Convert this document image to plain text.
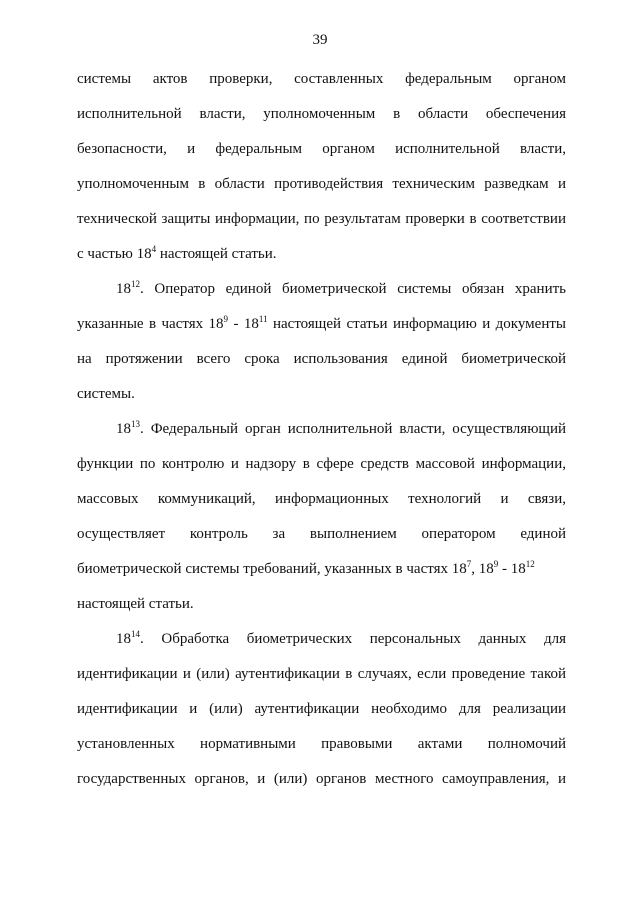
39
системы актов проверки, составленных федеральным органом
исполнительной власти, уполномоченным в области обеспечения
безопасности, и федеральным органом исполнительной власти,
уполномоченным в области противодействия техническим разведкам и
технической защиты информации, по результатам проверки в соответствии
с частью $18^4$ настоящей статьи.
$18^{12}$. Оператор единой биометрической системы обязан хранить
указанные в частях $18^9 - 18^{11}$ настоящей статьи информацию и документы
на протяжении всего срока использования единой биометрической
системы.
$18^{13}$. Федеральный орган исполнительной власти, осуществляющий
функции по контролю и надзору в сфере средств массовой информации,
массовых коммуникаций, информационных технологий и связи,
осуществляет контроль за выполнением оператором единой
биометрической системы требований, указанных в частях $18^7$, $18^9 - 18^{12}$
настоящей статьи.
$18^{14}$. Обработка биометрических персональных данных для
идентификации и (или) аутентификации в случаях, если проведение такой
идентификации и (или) аутентификации необходимо для реализации
установленных нормативными правовыми актами полномочий
государственных органов, и (или) органов местного самоуправления, и
